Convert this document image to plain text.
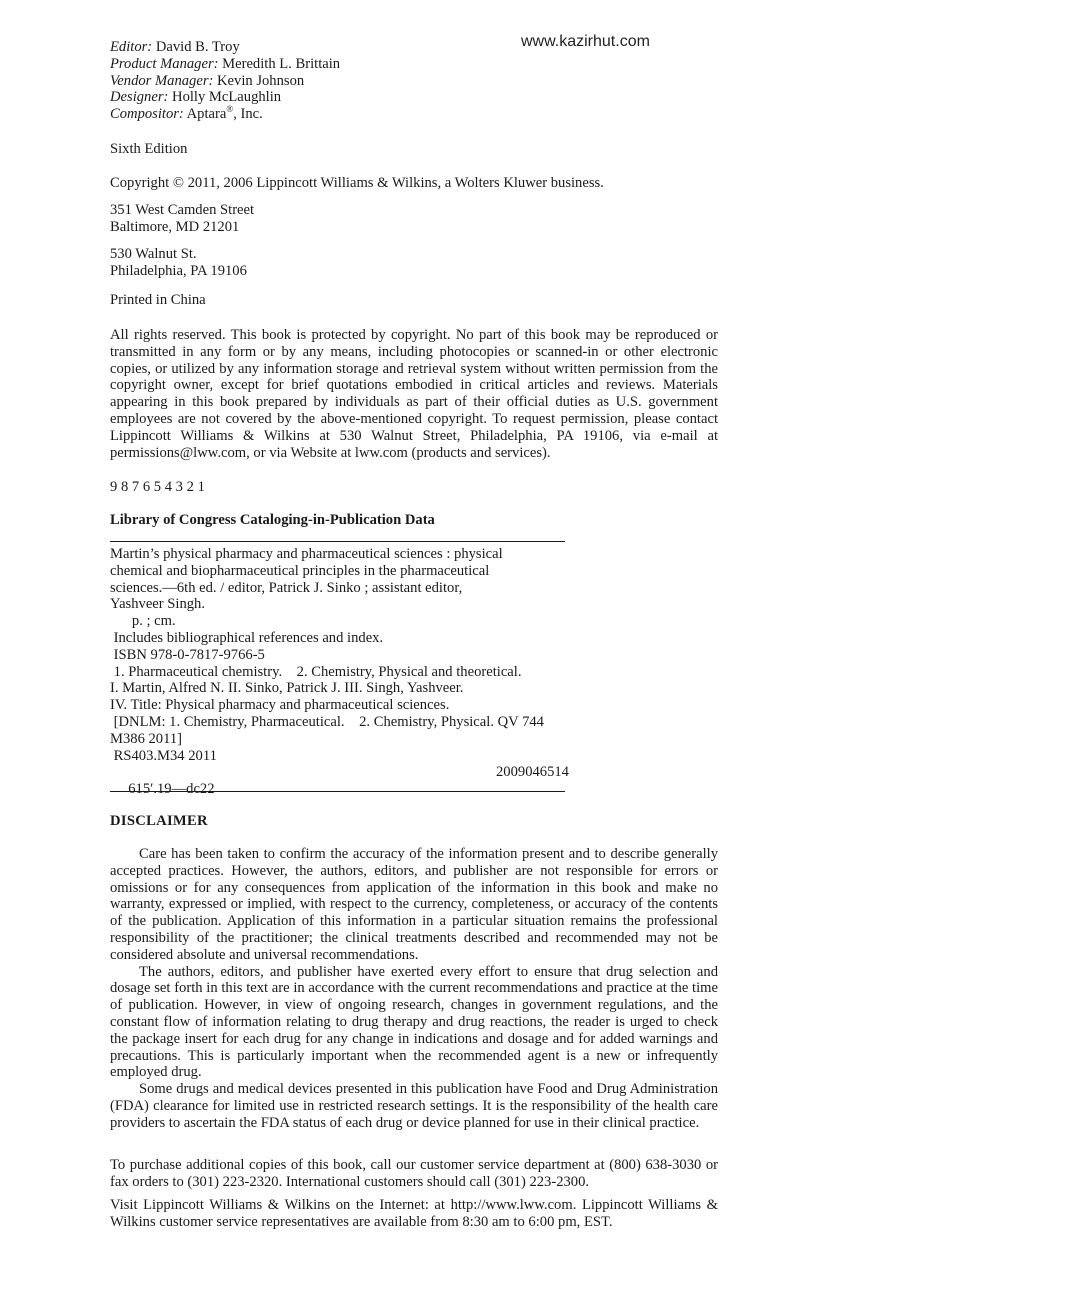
www.kazirhut.com
Editor: David B. Troy
Product Manager: Meredith L. Brittain
Vendor Manager: Kevin Johnson
Designer: Holly McLaughlin
Compositor: Aptara®, Inc.
Sixth Edition
Copyright © 2011, 2006 Lippincott Williams & Wilkins, a Wolters Kluwer business.
351 West Camden Street
Baltimore, MD 21201
530 Walnut St.
Philadelphia, PA 19106
Printed in China
All rights reserved. This book is protected by copyright. No part of this book may be reproduced or transmitted in any form or by any means, including photocopies or scanned-in or other electronic copies, or utilized by any information storage and retrieval system without written permission from the copyright owner, except for brief quotations embodied in critical articles and reviews. Materials appearing in this book prepared by individuals as part of their official duties as U.S. government employees are not covered by the above-mentioned copyright. To request permission, please contact Lippincott Williams & Wilkins at 530 Walnut Street, Philadelphia, PA 19106, via e-mail at permissions@lww.com, or via Website at lww.com (products and services).
9 8 7 6 5 4 3 2 1
Library of Congress Cataloging-in-Publication Data
Martin’s physical pharmacy and pharmaceutical sciences : physical
chemical and biopharmaceutical principles in the pharmaceutical
sciences.—6th ed. / editor, Patrick J. Sinko ; assistant editor,
Yashveer Singh.
p. ; cm.
Includes bibliographical references and index.
ISBN 978-0-7817-9766-5
1. Pharmaceutical chemistry.    2. Chemistry, Physical and theoretical.
I. Martin, Alfred N. II. Sinko, Patrick J. III. Singh, Yashveer.
IV. Title: Physical pharmacy and pharmaceutical sciences.
[DNLM: 1. Chemistry, Pharmaceutical.    2. Chemistry, Physical. QV 744
M386 2011]
RS403.M34 2011

615′.19—dc22

2009046514

DISCLAIMER
Care has been taken to confirm the accuracy of the information present and to describe generally accepted practices. However, the authors, editors, and publisher are not responsible for errors or omissions or for any consequences from application of the information in this book and make no warranty, expressed or implied, with respect to the currency, completeness, or accuracy of the contents of the publication. Application of this information in a particular situation remains the professional responsibility of the practitioner; the clinical treatments described and recommended may not be considered absolute and universal recommendations.
The authors, editors, and publisher have exerted every effort to ensure that drug selection and dosage set forth in this text are in accordance with the current recommendations and practice at the time of publication. However, in view of ongoing research, changes in government regulations, and the constant flow of information relating to drug therapy and drug reactions, the reader is urged to check the package insert for each drug for any change in indications and dosage and for added warnings and precautions. This is particularly important when the recommended agent is a new or infrequently employed drug.
Some drugs and medical devices presented in this publication have Food and Drug Administration (FDA) clearance for limited use in restricted research settings. It is the responsibility of the health care providers to ascertain the FDA status of each drug or device planned for use in their clinical practice.
To purchase additional copies of this book, call our customer service department at (800) 638-3030 or fax orders to (301) 223-2320. International customers should call (301) 223-2300.
Visit Lippincott Williams & Wilkins on the Internet: at http://www.lww.com. Lippincott Williams & Wilkins customer service representatives are available from 8:30 am to 6:00 pm, EST.
